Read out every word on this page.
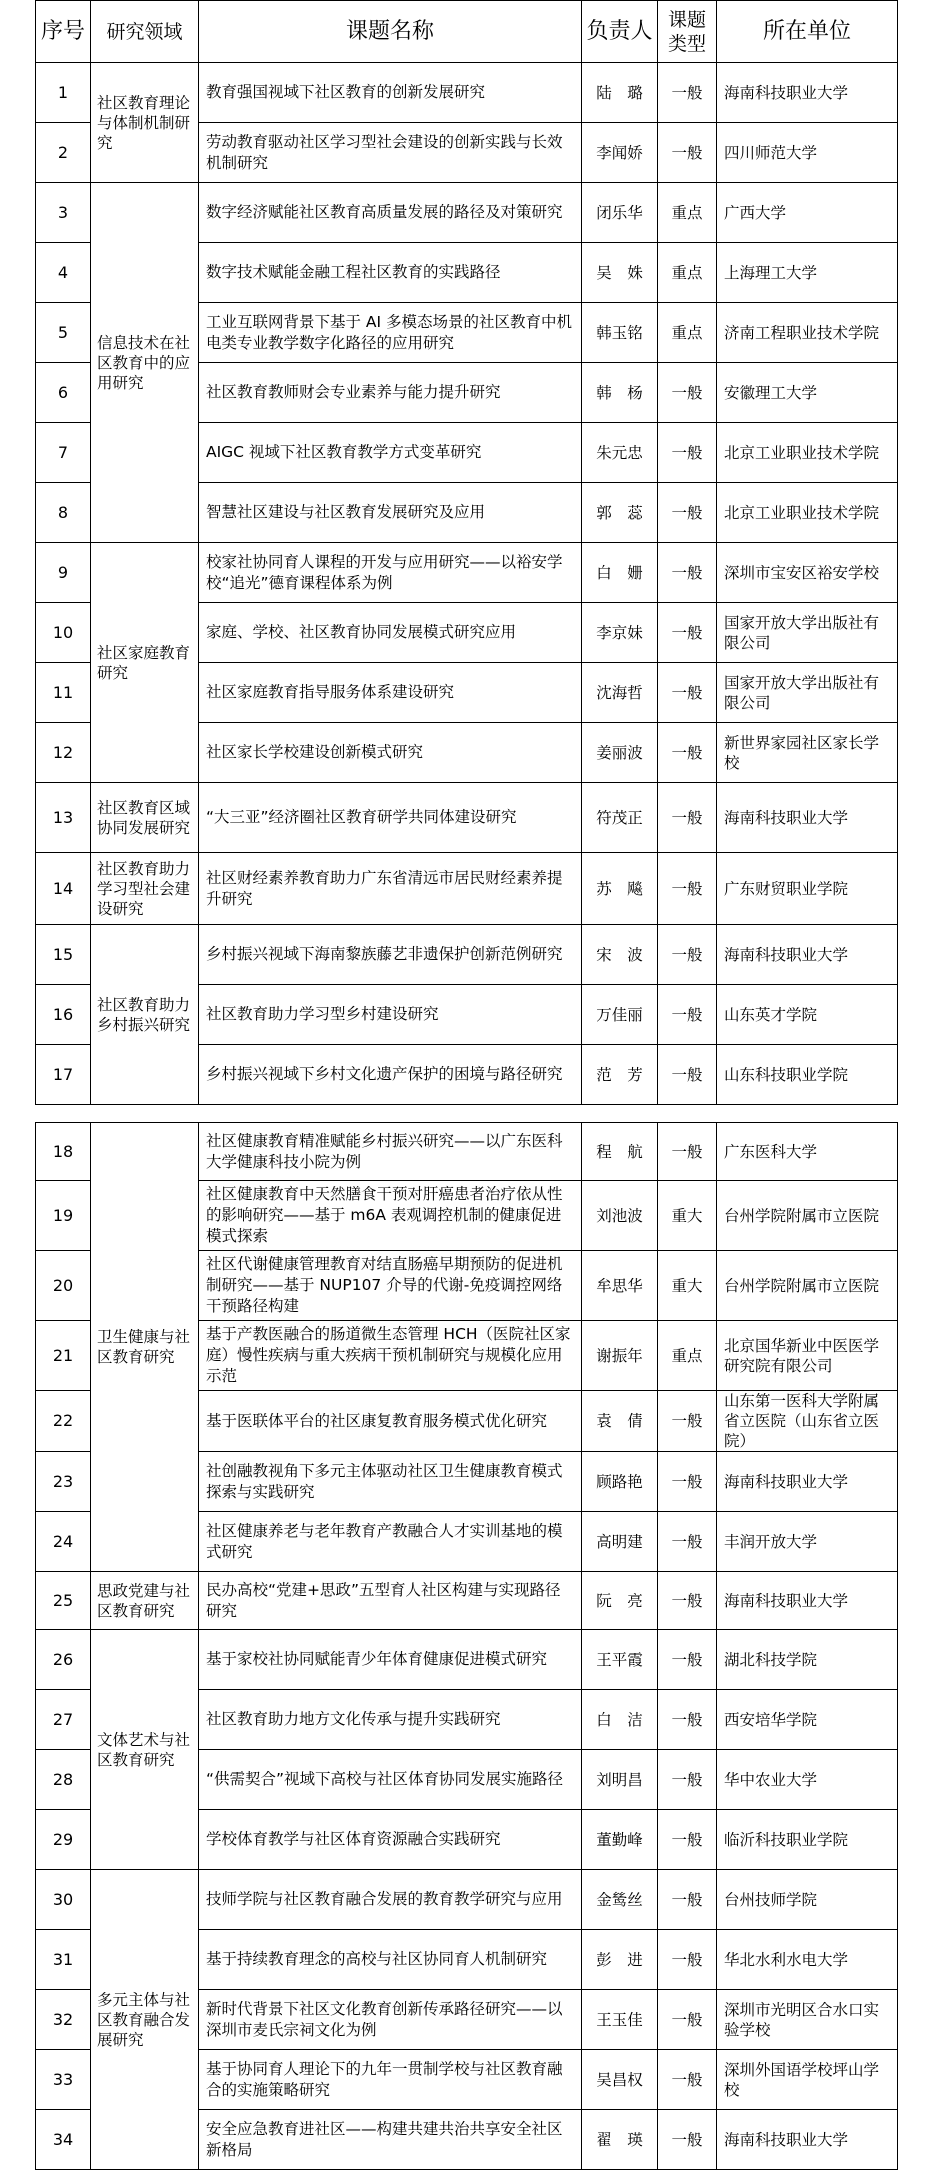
序号	研究领域	课题名称	负责人	课题类型	所在单位
1	社区教育理论与体制机制研究	教育强国视域下社区教育的创新发展研究	陆　璐	一般	海南科技职业大学
2		劳动教育驱动社区学习型社会建设的创新实践与长效机制研究	李闻娇	一般	四川师范大学
3	信息技术在社区教育中的应用研究	数字经济赋能社区教育高质量发展的路径及对策研究	闭乐华	重点	广西大学
4		数字技术赋能金融工程社区教育的实践路径	吴　姝	重点	上海理工大学
5		工业互联网背景下基于 AI 多模态场景的社区教育中机电类专业教学数字化路径的应用研究	韩玉铭	重点	济南工程职业技术学院
6		社区教育教师财会专业素养与能力提升研究	韩　杨	一般	安徽理工大学
7		AIGC 视域下社区教育教学方式变革研究	朱元忠	一般	北京工业职业技术学院
8		智慧社区建设与社区教育发展研究及应用	郭　蕊	一般	北京工业职业技术学院
9	社区家庭教育研究	校家社协同育人课程的开发与应用研究——以裕安学校“追光”德育课程体系为例	白　姗	一般	深圳市宝安区裕安学校
10		家庭、学校、社区教育协同发展模式研究应用	李京妹	一般	国家开放大学出版社有限公司
11		社区家庭教育指导服务体系建设研究	沈海哲	一般	国家开放大学出版社有限公司
12		社区家长学校建设创新模式研究	姜丽波	一般	新世界家园社区家长学校
13	社区教育区域协同发展研究	“大三亚”经济圈社区教育研学共同体建设研究	符茂正	一般	海南科技职业大学
14	社区教育助力学习型社会建设研究	社区财经素养教育助力广东省清远市居民财经素养提升研究	苏　飚	一般	广东财贸职业学院
15	社区教育助力乡村振兴研究	乡村振兴视域下海南黎族藤艺非遗保护创新范例研究	宋　波	一般	海南科技职业大学
16		社区教育助力学习型乡村建设研究	万佳丽	一般	山东英才学院
17		乡村振兴视域下乡村文化遗产保护的困境与路径研究	范　芳	一般	山东科技职业学院
18	卫生健康与社区教育研究	社区健康教育精准赋能乡村振兴研究——以广东医科大学健康科技小院为例	程　航	一般	广东医科大学
19		社区健康教育中天然膳食干预对肝癌患者治疗依从性的影响研究——基于 m6A 表观调控机制的健康促进模式探索	刘池波	重大	台州学院附属市立医院
20		社区代谢健康管理教育对结直肠癌早期预防的促进机制研究——基于 NUP107 介导的代谢-免疫调控网络干预路径构建	牟思华	重大	台州学院附属市立医院
21		基于产教医融合的肠道微生态管理 HCH（医院社区家庭）慢性疾病与重大疾病干预机制研究与规模化应用示范	谢振年	重点	北京国华新业中医医学研究院有限公司
22		基于医联体平台的社区康复教育服务模式优化研究	袁　倩	一般	山东第一医科大学附属省立医院（山东省立医院）
23		社创融教视角下多元主体驱动社区卫生健康教育模式探索与实践研究	顾路艳	一般	海南科技职业大学
24		社区健康养老与老年教育产教融合人才实训基地的模式研究	高明建	一般	丰润开放大学
25	思政党建与社区教育研究	民办高校“党建+思政”五型育人社区构建与实现路径研究	阮　亮	一般	海南科技职业大学
26	文体艺术与社区教育研究	基于家校社协同赋能青少年体育健康促进模式研究	王平霞	一般	湖北科技学院
27		社区教育助力地方文化传承与提升实践研究	白　洁	一般	西安培华学院
28		“供需契合”视域下高校与社区体育协同发展实施路径	刘明昌	一般	华中农业大学
29		学校体育教学与社区体育资源融合实践研究	董勤峰	一般	临沂科技职业学院
30	多元主体与社区教育融合发展研究	技师学院与社区教育融合发展的教育教学研究与应用	金鸶丝	一般	台州技师学院
31		基于持续教育理念的高校与社区协同育人机制研究	彭　进	一般	华北水利水电大学
32		新时代背景下社区文化教育创新传承路径研究——以深圳市麦氏宗祠文化为例	王玉佳	一般	深圳市光明区合水口实验学校
33		基于协同育人理论下的九年一贯制学校与社区教育融合的实施策略研究	吴昌权	一般	深圳外国语学校坪山学校
34		安全应急教育进社区——构建共建共治共享安全社区新格局	翟　瑛	一般	海南科技职业大学
